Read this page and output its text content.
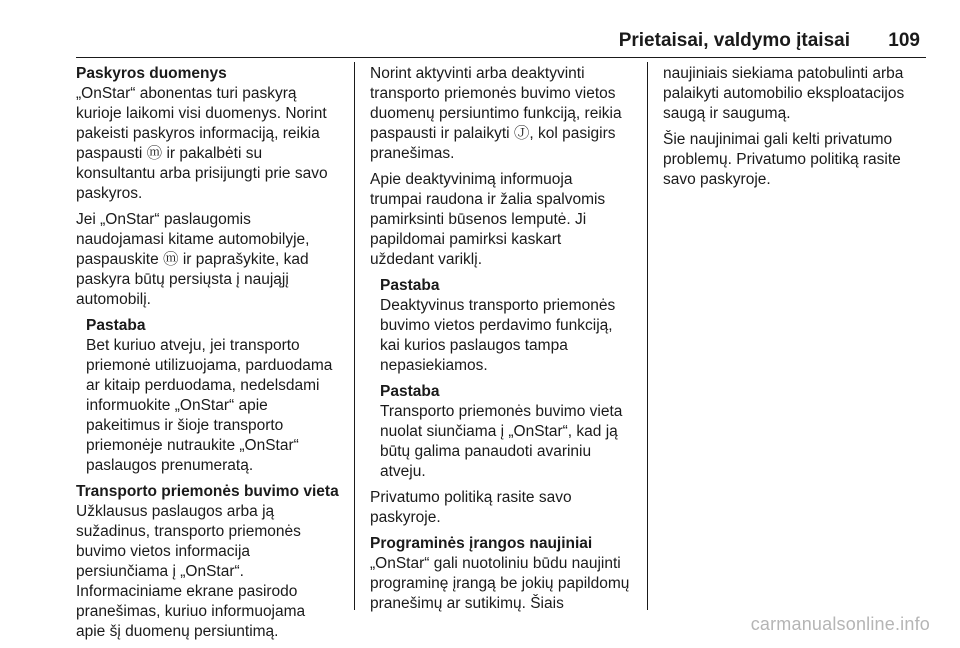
Prietaisai, valdymo įtaisai	109
Paskyros duomenys

„OnStar“ abonentas turi paskyrą
kurioje laikomi visi duomenys. Norint
pakeisti paskyros informaciją, reikia
paspausti ⓜ ir pakalbėti su
konsultantu arba prisijungti prie savo
paskyros.

Jei „OnStar“ paslaugomis
naudojamasi kitame automobilyje,
paspauskite ⓜ ir paprašykite, kad
paskyra būtų persiųsta į naująjį
automobilį.

Pastaba

Bet kuriuo atveju, jei transporto
priemonė utilizuojama, parduodama
ar kitaip perduodama, nedelsdami
informuokite „OnStar“ apie
pakeitimus ir šioje transporto
priemonėje nutraukite „OnStar“
paslaugos prenumeratą.

Transporto priemonės buvimo vieta

Užklausus paslaugos arba ją
sužadinus, transporto priemonės
buvimo vietos informacija
persiunčiama į „OnStar“.
Informaciniame ekrane pasirodo
pranešimas, kuriuo informuojama
apie šį duomenų persiuntimą.

Norint aktyvinti arba deaktyvinti
transporto priemonės buvimo vietos
duomenų persiuntimo funkciją, reikia
paspausti ir palaikyti Ⓙ, kol pasigirs
pranešimas.

Apie deaktyvinimą informuoja
trumpai raudona ir žalia spalvomis
pamirksinti būsenos lemputė. Ji
papildomai pamirksi kaskart
uždedant variklį.

Pastaba

Deaktyvinus transporto priemonės
buvimo vietos perdavimo funkciją,
kai kurios paslaugos tampa
nepasiekiamos.

Pastaba

Transporto priemonės buvimo vieta
nuolat siunčiama į „OnStar“, kad ją
būtų galima panaudoti avariniu
atveju.

Privatumo politiką rasite savo
paskyroje.

Programinės įrangos naujiniai

„OnStar“ gali nuotoliniu būdu naujinti
programinę įrangą be jokių papildomų
pranešimų ar sutikimų. Šiais

naujiniais siekiama patobulinti arba
palaikyti automobilio eksploatacijos
saugą ir saugumą.

Šie naujinimai gali kelti privatumo
problemų. Privatumo politiką rasite
savo paskyroje.

carmanualsonline.info
